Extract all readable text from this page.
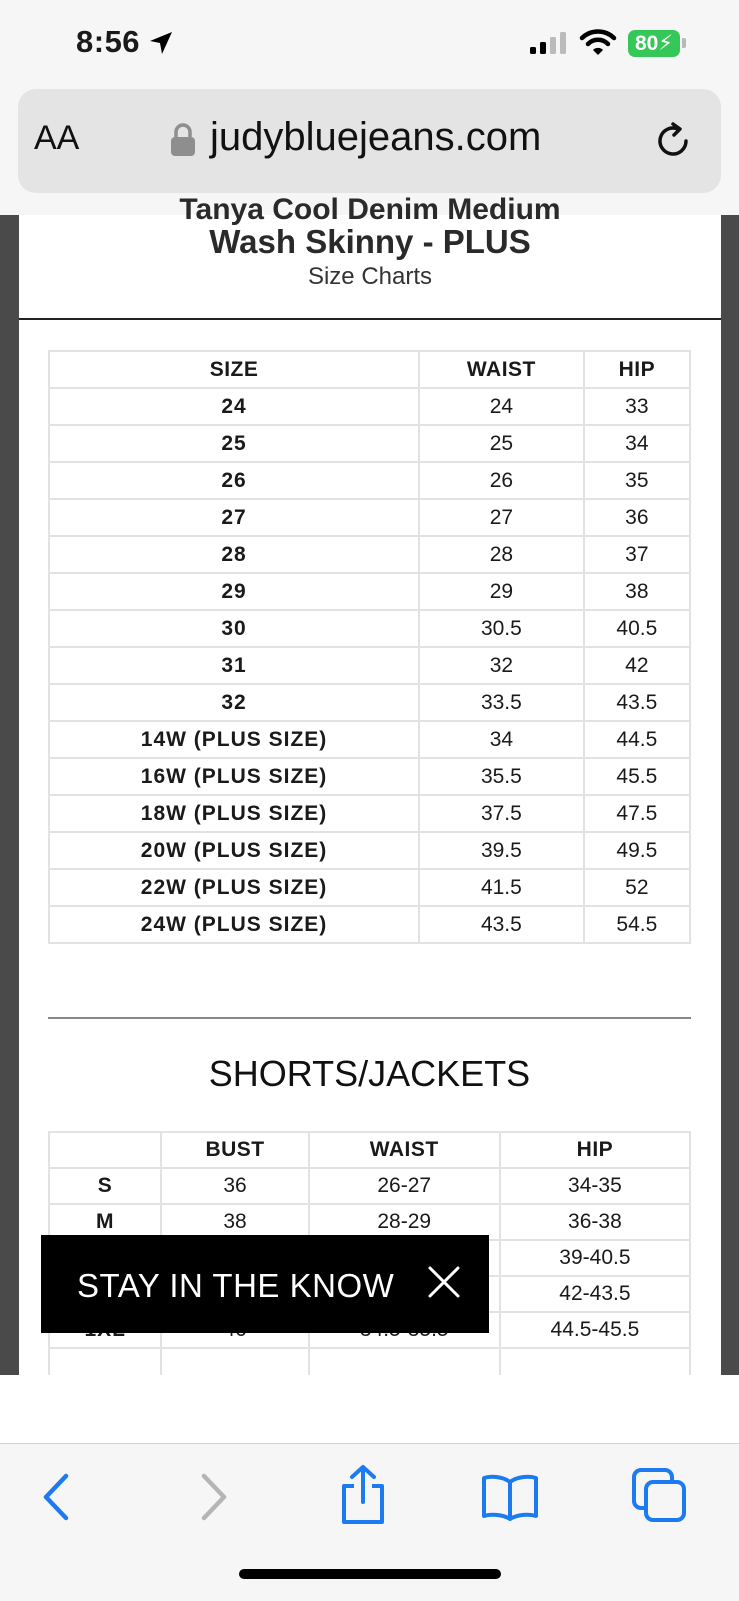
8:56	80 ⚡
AA	judybluejeans.com
Tanya Cool Denim Medium
Wash Skinny - PLUS
Size Charts
SIZE	WAIST	HIP
24	24	33
25	25	34
26	26	35
27	27	36
28	28	37
29	29	38
30	30.5	40.5
31	32	42
32	33.5	43.5
14W (PLUS SIZE)	34	44.5
16W (PLUS SIZE)	35.5	45.5
18W (PLUS SIZE)	37.5	47.5
20W (PLUS SIZE)	39.5	49.5
22W (PLUS SIZE)	41.5	52
24W (PLUS SIZE)	43.5	54.5
SHORTS/JACKETS
	BUST	WAIST	HIP
S	36	26-27	34-35
M	38	28-29	36-38
			39-40.5
			42-43.5
			44.5-45.5

STAY IN THE KNOW
